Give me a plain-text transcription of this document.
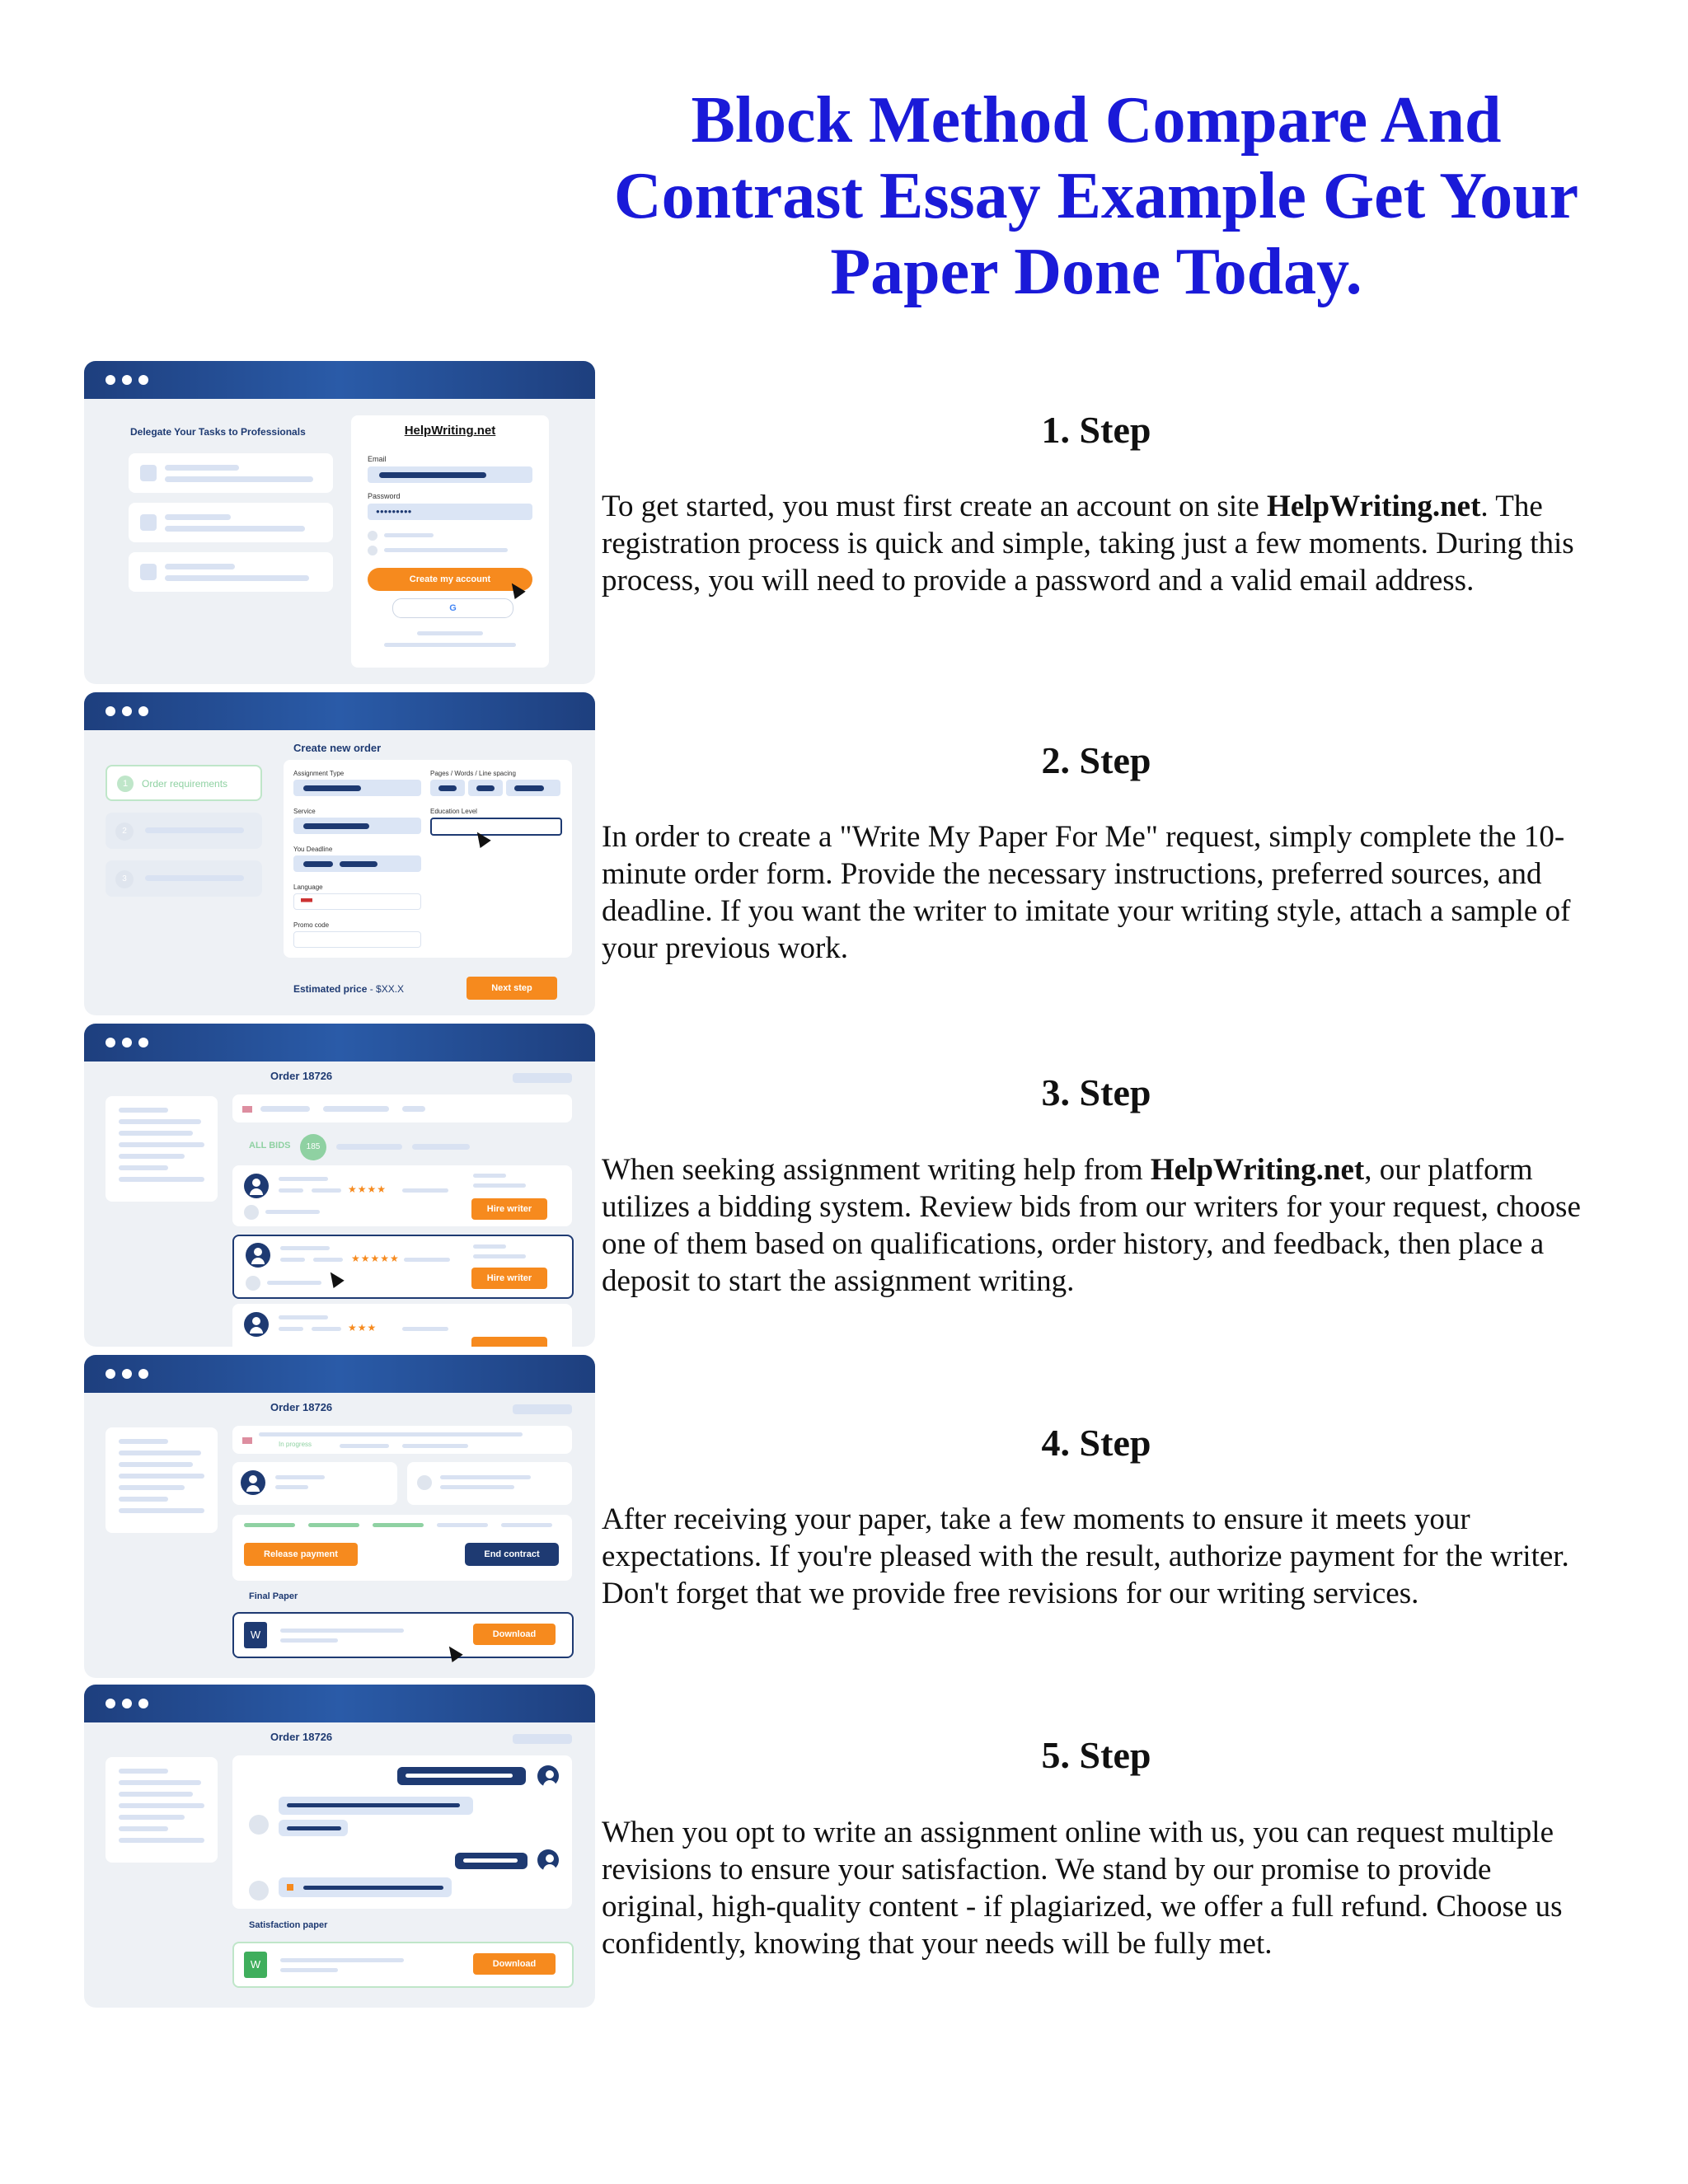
Block Method Compare And Contrast Essay Example Get Your Paper Done Today.
1. Step

To get started, you must first create an account on site HelpWriting.net. The registration process is quick and simple, taking just a few moments. During this process, you will need to provide a password and a valid email address.

2. Step

In order to create a "Write My Paper For Me" request, simply complete the 10-minute order form. Provide the necessary instructions, preferred sources, and deadline. If you want the writer to imitate your writing style, attach a sample of your previous work.

3. Step

When seeking assignment writing help from HelpWriting.net, our platform utilizes a bidding system. Review bids from our writers for your request, choose one of them based on qualifications, order history, and feedback, then place a deposit to start the assignment writing.

4. Step

After receiving your paper, take a few moments to ensure it meets your expectations. If you're pleased with the result, authorize payment for the writer. Don't forget that we provide free revisions for our writing services.

5. Step

When you opt to write an assignment online with us, you can request multiple revisions to ensure your satisfaction. We stand by our promise to provide original, high-quality content - if plagiarized, we offer a full refund. Choose us confidently, knowing that your needs will be fully met.

Delegate Your Tasks to Professionals	HelpWriting.net
Email
Password
●●●●●●●●●
Create my account
G
1	Order requirements
2
3
Create new order
Assignment Type	Pages / Words / Line spacing
Service	Education Level
You Deadline
Language
Promo code
Estimated price - $XX.X	Next step
Order 18726
ALL BIDS	185
★★★★
Hire writer
★★★★★
Hire writer
★★★
Order 18726
In progress
Release payment	End contract
Final Paper
W	Download
Order 18726
Satisfaction paper
W	Download
